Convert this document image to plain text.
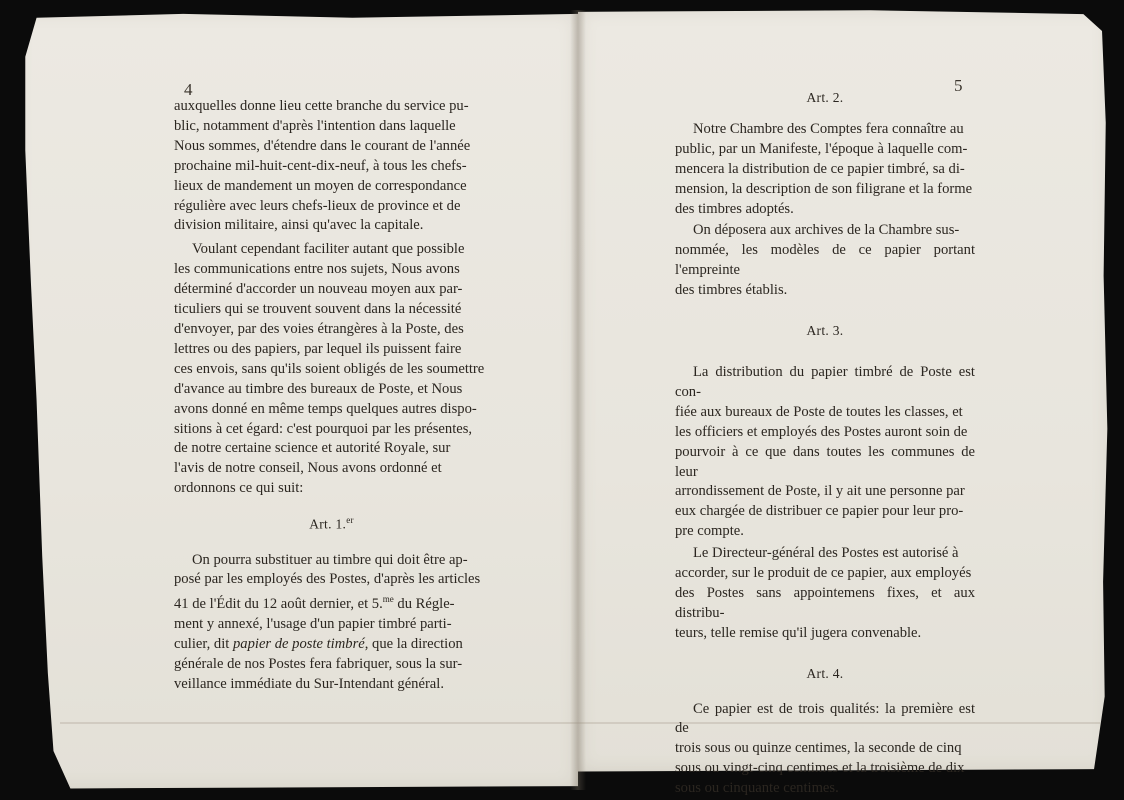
4	5

auxquelles donne lieu cette branche du service pu-
blic, notamment d'après l'intention dans laquelle
Nous sommes, d'étendre dans le courant de l'année
prochaine mil-huit-cent-dix-neuf, à tous les chefs-
lieux de mandement un moyen de correspondance
régulière avec leurs chefs-lieux de province et de
division militaire, ainsi qu'avec la capitale.

Voulant cependant faciliter autant que possible
les communications entre nos sujets, Nous avons
déterminé d'accorder un nouveau moyen aux par-
ticuliers qui se trouvent souvent dans la nécessité
d'envoyer, par des voies étrangères à la Poste, des
lettres ou des papiers, par lequel ils puissent faire
ces envois, sans qu'ils soient obligés de les soumettre
d'avance au timbre des bureaux de Poste, et Nous
avons donné en même temps quelques autres dispo-
sitions à cet égard: c'est pourquoi par les présentes,
de notre certaine science et autorité Royale, sur
l'avis de notre conseil, Nous avons ordonné et
ordonnons ce qui suit:

Art. 1.$^{er}$

On pourra substituer au timbre qui doit être ap-
posé par les employés des Postes, d'après les articles
41 de l'Édit du 12 août dernier, et 5.$^{me}$ du Régle-
ment y annexé, l'usage d'un papier timbré parti-
culier, dit papier de poste timbré, que la direction
générale de nos Postes fera fabriquer, sous la sur-
veillance immédiate du Sur-Intendant général.

Art. 2.

Notre Chambre des Comptes fera connaître au
public, par un Manifeste, l'époque à laquelle com-
mencera la distribution de ce papier timbré, sa di-
mension, la description de son filigrane et la forme
des timbres adoptés.

On déposera aux archives de la Chambre sus-
nommée, les modèles de ce papier portant l'empreinte
des timbres établis.

Art. 3.

La distribution du papier timbré de Poste est con-
fiée aux bureaux de Poste de toutes les classes, et
les officiers et employés des Postes auront soin de
pourvoir à ce que dans toutes les communes de leur
arrondissement de Poste, il y ait une personne par
eux chargée de distribuer ce papier pour leur pro-
pre compte.

Le Directeur-général des Postes est autorisé à
accorder, sur le produit de ce papier, aux employés
des Postes sans appointemens fixes, et aux distribu-
teurs, telle remise qu'il jugera convenable.

Art. 4.

Ce papier est de trois qualités: la première est de
trois sous ou quinze centimes, la seconde de cinq
sous ou vingt-cinq centimes et la troisième de dix
sous ou cinquante centimes.
